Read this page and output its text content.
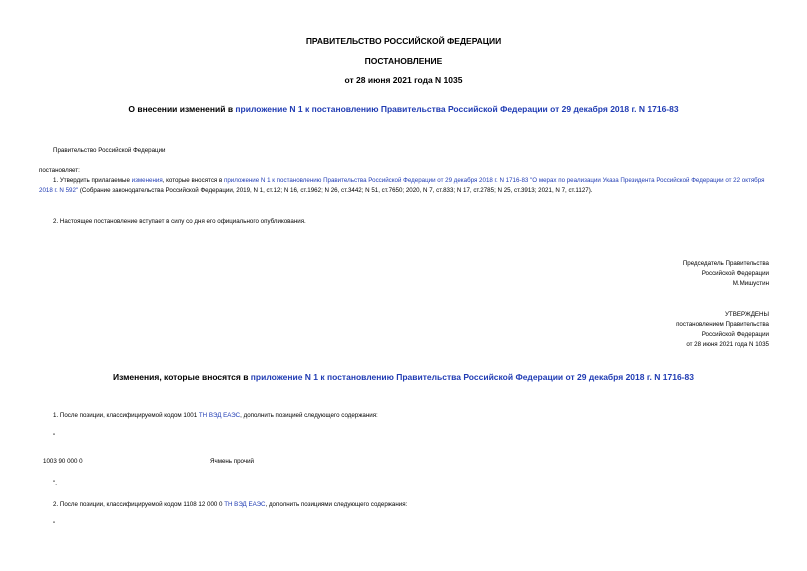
ПРАВИТЕЛЬСТВО РОССИЙСКОЙ ФЕДЕРАЦИИ
ПОСТАНОВЛЕНИЕ
от 28 июня 2021 года N 1035
О внесении изменений в приложение N 1 к постановлению Правительства Российской Федерации от 29 декабря 2018 г. N 1716-83
Правительство Российской Федерации
постановляет:
1. Утвердить прилагаемые изменения, которые вносятся в приложение N 1 к постановлению Правительства Российской Федерации от 29 декабря 2018 г. N 1716-83 "О мерах по реализации Указа Президента Российской Федерации от 22 октября 2018 г. N 592" (Собрание законодательства Российской Федерации, 2019, N 1, ст.12; N 16, ст.1962; N 26, ст.3442; N 51, ст.7650; 2020, N 7, ст.833; N 17, ст.2785; N 25, ст.3913; 2021, N 7, ст.1127).
2. Настоящее постановление вступает в силу со дня его официального опубликования.
Председатель Правительства
Российской Федерации
М.Мишустин
УТВЕРЖДЕНЫ
постановлением Правительства
Российской Федерации
от 28 июня 2021 года N 1035
Изменения, которые вносятся в приложение N 1 к постановлению Правительства Российской Федерации от 29 декабря 2018 г. N 1716-83
1. После позиции, классифицируемой кодом 1001 ТН ВЭД ЕАЭС, дополнить позицией следующего содержания:
"
1003 90 000 0	Ячмень прочий
".
2. После позиции, классифицируемой кодом 1108 12 000 0 ТН ВЭД ЕАЭС, дополнить позициями следующего содержания:
"
